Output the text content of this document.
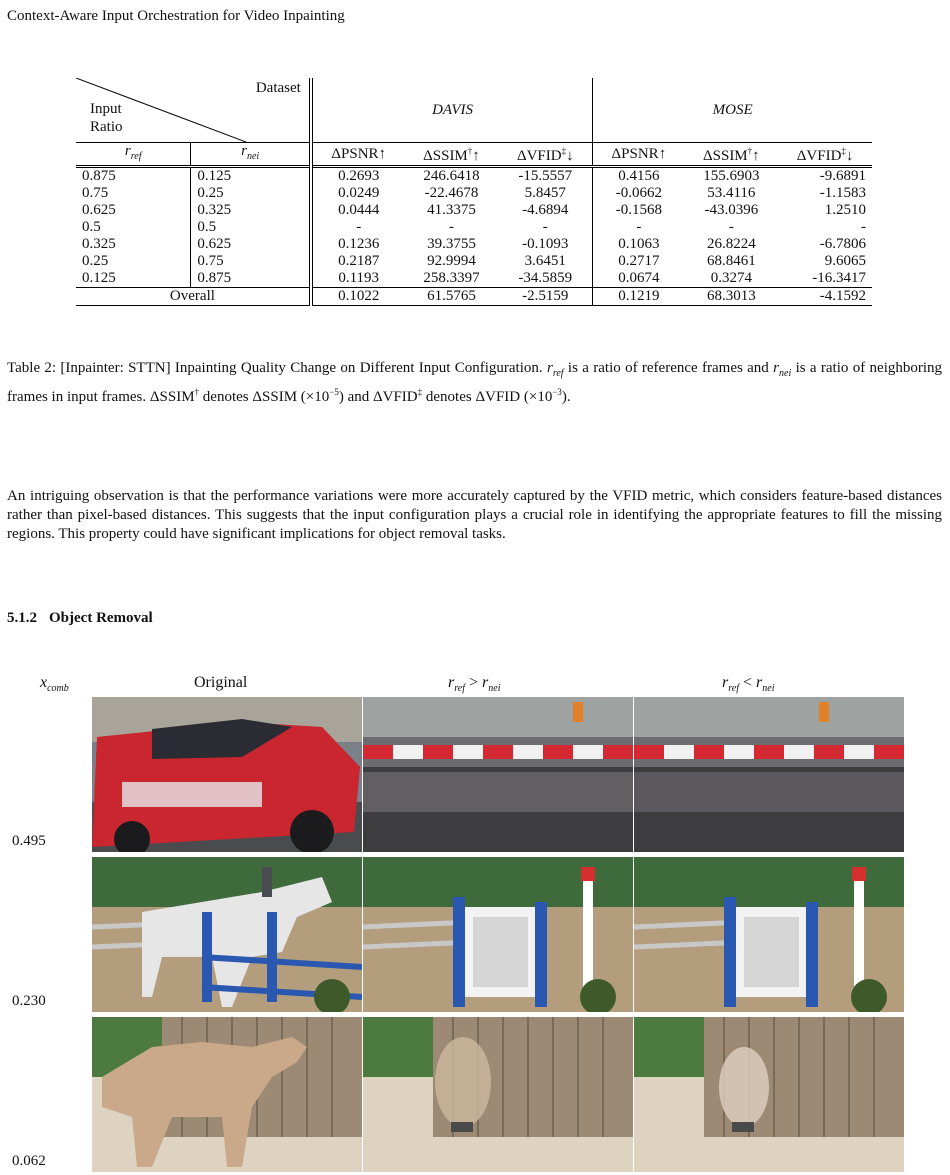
Context-Aware Input Orchestration for Video Inpainting
Dataset
Input
Ratio		DAVIS			MOSE		
$r_{ref}$	$r_{nei}$	ΔPSNR↑	ΔSSIM†↑	ΔVFID‡↓	ΔPSNR↑	ΔSSIM†↑	ΔVFID‡↓
0.875	0.125	0.2693	246.6418	-15.5557	0.4156	155.6903	-9.6891
0.75	0.25	0.0249	-22.4678	5.8457	-0.0662	53.4116	-1.1583
0.625	0.325	0.0444	41.3375	-4.6894	-0.1568	-43.0396	1.2510
0.5	0.5	-	-	-	-	-	-
0.325	0.625	0.1236	39.3755	-0.1093	0.1063	26.8224	-6.7806
0.25	0.75	0.2187	92.9994	3.6451	0.2717	68.8461	9.6065
0.125	0.875	0.1193	258.3397	-34.5859	0.0674	0.3274	-16.3417
Overall		0.1022	61.5765	-2.5159	0.1219	68.3013	-4.1592
Table 2: [Inpainter: STTN] Inpainting Quality Change on Different Input Configuration. $r_{ref}$ is a ratio of reference frames and $r_{nei}$ is a ratio of neighboring frames in input frames. ΔSSIM† denotes ΔSSIM $(\times 10^{-5})$ and ΔVFID‡ denotes ΔVFID $(\times 10^{-3})$.
An intriguing observation is that the performance variations were more accurately captured by the VFID metric, which considers feature-based distances rather than pixel-based distances. This suggests that the input configuration plays a crucial role in identifying the appropriate features to fill the missing regions. This property could have significant implications for object removal tasks.
5.1.2 Object Removal
$x_{comb}$	Original	$r_{ref} > r_{nei}$	$r_{ref} < r_{nei}$
0.495
0.230
0.062
